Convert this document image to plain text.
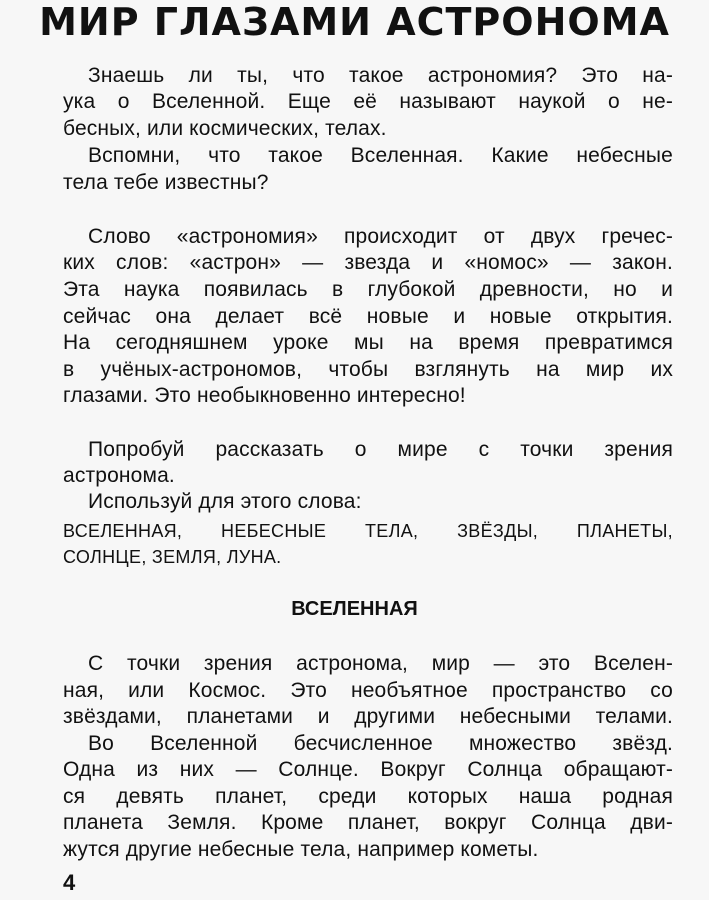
МИР ГЛАЗАМИ АСТРОНОМА
Знаешь ли ты, что такое астрономия? Это на-
ука о Вселенной. Еще её называют наукой о не-
бесных, или космических, телах.
Вспомни, что такое Вселенная. Какие небесные
тела тебе известны?
Слово «астрономия» происходит от двух гречес-
ких слов: «астрон» — звезда и «номос» — закон.
Эта наука появилась в глубокой древности, но и
сейчас она делает всё новые и новые открытия.
На сегодняшнем уроке мы на время превратимся
в учёных-астрономов, чтобы взглянуть на мир их
глазами. Это необыкновенно интересно!
Попробуй рассказать о мире с точки зрения
астронома.
Используй для этого слова:
ВСЕЛЕННАЯ, НЕБЕСНЫЕ ТЕЛА, ЗВЁЗДЫ, ПЛАНЕТЫ,
СОЛНЦЕ, ЗЕМЛЯ, ЛУНА.
ВСЕЛЕННАЯ
С точки зрения астронома, мир — это Вселен-
ная, или Космос. Это необъятное пространство со
звёздами, планетами и другими небесными телами.
Во Вселенной бесчисленное множество звёзд.
Одна из них — Солнце. Вокруг Солнца обращают-
ся девять планет, среди которых наша родная
планета Земля. Кроме планет, вокруг Солнца дви-
жутся другие небесные тела, например кометы.
4
